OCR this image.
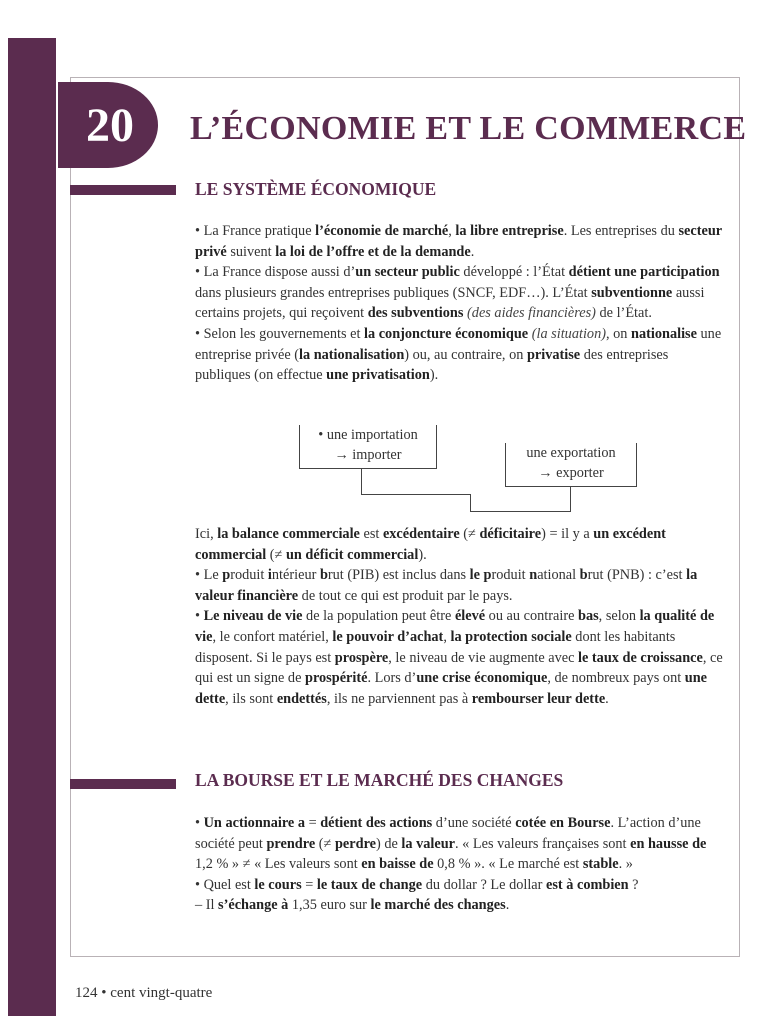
20	L’ÉCONOMIE ET LE COMMERCE
LE SYSTÈME ÉCONOMIQUE

• La France pratique l’économie de marché, la libre entreprise. Les entreprises du secteur privé suivent la loi de l’offre et de la demande.

• La France dispose aussi d’un secteur public développé : l’État détient une participation dans plusieurs grandes entreprises publiques (SNCF, EDF…). L’État subventionne aussi certains projets, qui reçoivent des subventions (des aides financières) de l’État.

• Selon les gouvernements et la conjoncture économique (la situation), on nationalise une entreprise privée (la nationalisation) ou, au contraire, on privatise des entreprises publiques (on effectue une privatisation).

• une importation
→ importer	une exportation
→ exporter

Ici, la balance commerciale est excédentaire (≠ déficitaire) = il y a un excédent commercial (≠ un déficit commercial).

• Le produit intérieur brut (PIB) est inclus dans le produit national brut (PNB) : c’est la valeur financière de tout ce qui est produit par le pays.

• Le niveau de vie de la population peut être élevé ou au contraire bas, selon la qualité de vie, le confort matériel, le pouvoir d’achat, la protection sociale dont les habitants disposent. Si le pays est prospère, le niveau de vie augmente avec le taux de croissance, ce qui est un signe de prospérité. Lors d’une crise économique, de nombreux pays ont une dette, ils sont endettés, ils ne parviennent pas à rembourser leur dette.

LA BOURSE ET LE MARCHÉ DES CHANGES

• Un actionnaire a = détient des actions d’une société cotée en Bourse. L’action d’une société peut prendre (≠ perdre) de la valeur. « Les valeurs françaises sont en hausse de 1,2 % » ≠ « Les valeurs sont en baisse de 0,8 % ». « Le marché est stable. »

• Quel est le cours = le taux de change du dollar ? Le dollar est à combien ?

– Il s’échange à 1,35 euro sur le marché des changes.

124 • cent vingt-quatre
